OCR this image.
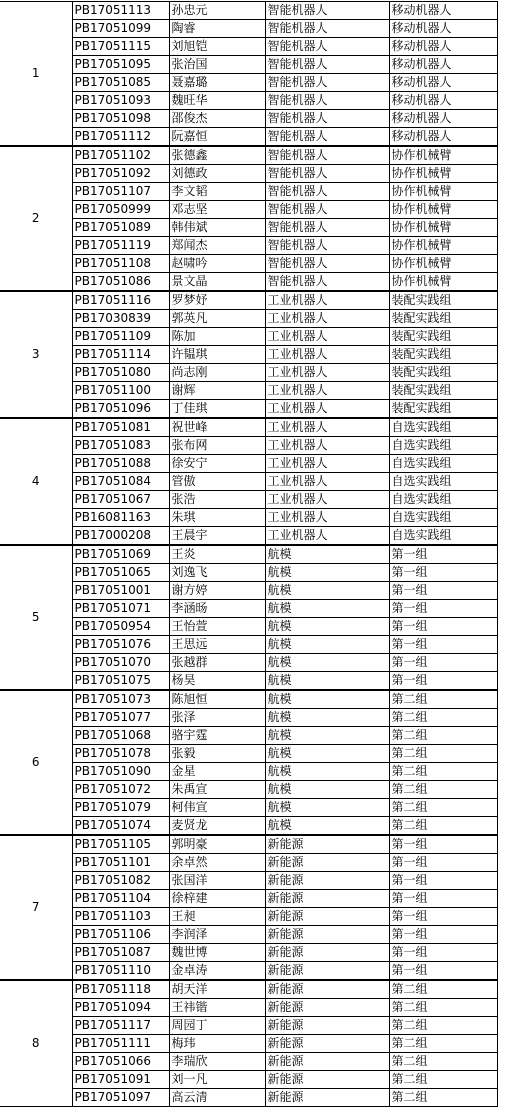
1	PB17051113	孙忠元	智能机器人	移动机器人
	PB17051099	陶睿	智能机器人	移动机器人
	PB17051115	刘旭铠	智能机器人	移动机器人
	PB17051095	张治国	智能机器人	移动机器人
	PB17051085	聂嘉璐	智能机器人	移动机器人
	PB17051093	魏旺华	智能机器人	移动机器人
	PB17051098	邵俊杰	智能机器人	移动机器人
	PB17051112	阮嘉恒	智能机器人	移动机器人
2	PB17051102	张德鑫	智能机器人	协作机械臂
	PB17051092	刘德政	智能机器人	协作机械臂
	PB17051107	李文韬	智能机器人	协作机械臂
	PB17050999	邓志坚	智能机器人	协作机械臂
	PB17051089	韩伟斌	智能机器人	协作机械臂
	PB17051119	郑闻杰	智能机器人	协作机械臂
	PB17051108	赵啸吟	智能机器人	协作机械臂
	PB17051086	景文晶	智能机器人	协作机械臂
3	PB17051116	罗梦妤	工业机器人	装配实践组
	PB17030839	郭英凡	工业机器人	装配实践组
	PB17051109	陈加	工业机器人	装配实践组
	PB17051114	许韫琪	工业机器人	装配实践组
	PB17051080	尚志刚	工业机器人	装配实践组
	PB17051100	谢辉	工业机器人	装配实践组
	PB17051096	丁佳琪	工业机器人	装配实践组
4	PB17051081	祝世峰	工业机器人	自选实践组
	PB17051083	张布网	工业机器人	自选实践组
	PB17051088	徐安宁	工业机器人	自选实践组
	PB17051084	管傲	工业机器人	自选实践组
	PB17051067	张浩	工业机器人	自选实践组
	PB16081163	朱琪	工业机器人	自选实践组
	PB17000208	王晨宇	工业机器人	自选实践组
5	PB17051069	王炎	航模	第一组
	PB17051065	刘逸飞	航模	第一组
	PB17051001	谢方婷	航模	第一组
	PB17051071	李涵旸	航模	第一组
	PB17050954	王怡萱	航模	第一组
	PB17051076	王思远	航模	第一组
	PB17051070	张越群	航模	第一组
	PB17051075	杨昊	航模	第一组
6	PB17051073	陈旭恒	航模	第二组
	PB17051077	张泽	航模	第二组
	PB17051068	骆宇霆	航模	第二组
	PB17051078	张毅	航模	第二组
	PB17051090	金星	航模	第二组
	PB17051072	朱禹宣	航模	第二组
	PB17051079	柯伟宣	航模	第二组
	PB17051074	麦贤龙	航模	第二组
7	PB17051105	郭明豪	新能源	第一组
	PB17051101	余卓然	新能源	第一组
	PB17051082	张国洋	新能源	第一组
	PB17051104	徐梓建	新能源	第一组
	PB17051103	王昶	新能源	第一组
	PB17051106	李润泽	新能源	第一组
	PB17051087	魏世博	新能源	第一组
	PB17051110	金卓涛	新能源	第一组
8	PB17051118	胡天洋	新能源	第二组
	PB17051094	王祎锴	新能源	第二组
	PB17051117	周园丁	新能源	第二组
	PB17051111	梅玮	新能源	第二组
	PB17051066	李瑞欣	新能源	第二组
	PB17051091	刘一凡	新能源	第二组
	PB17051097	高云清	新能源	第二组
